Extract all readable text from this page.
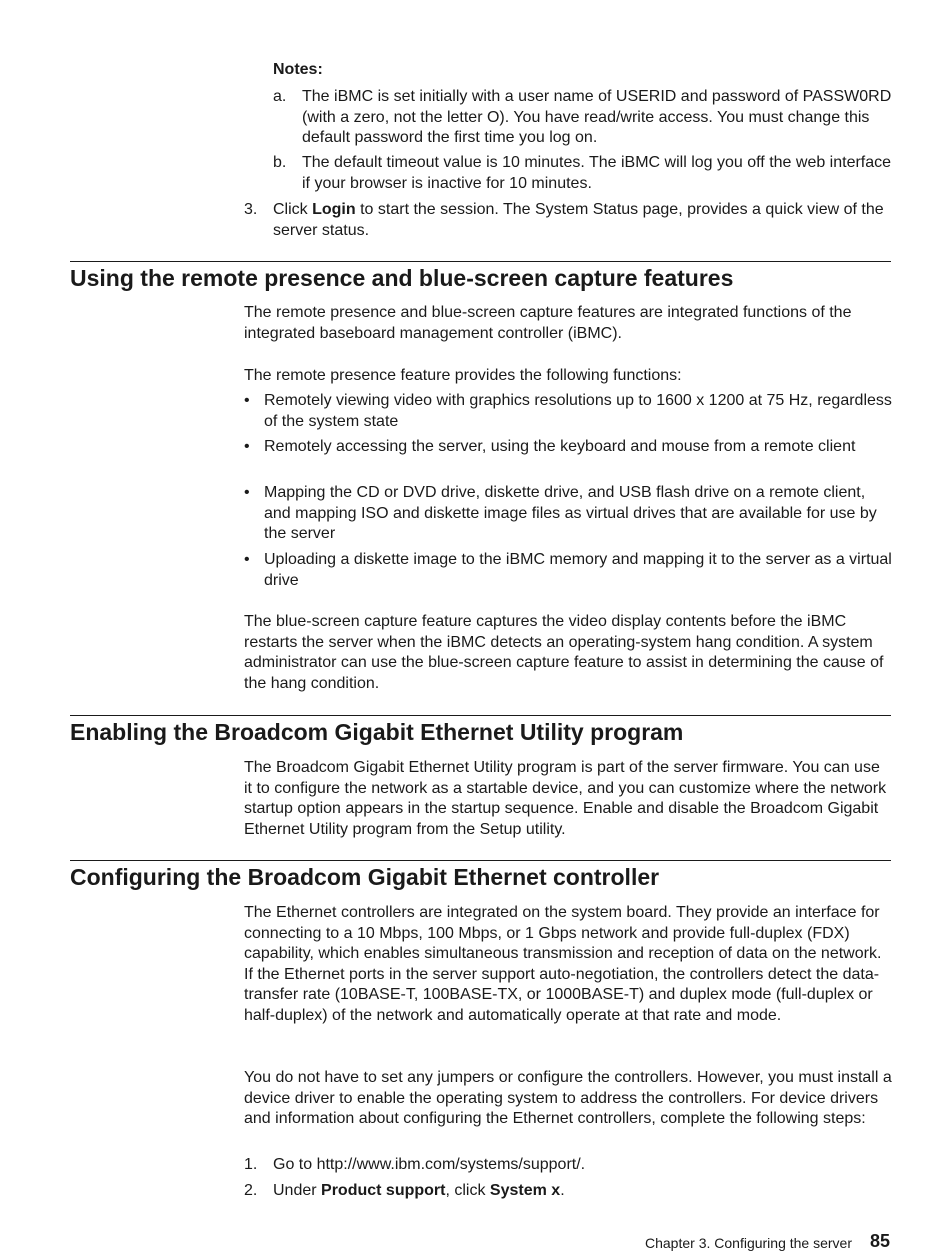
Notes:
a. The iBMC is set initially with a user name of USERID and password of PASSW0RD (with a zero, not the letter O). You have read/write access. You must change this default password the first time you log on.
b. The default timeout value is 10 minutes. The iBMC will log you off the web interface if your browser is inactive for 10 minutes.
3. Click Login to start the session. The System Status page, provides a quick view of the server status.
Using the remote presence and blue-screen capture features

The remote presence and blue-screen capture features are integrated functions of the integrated baseboard management controller (iBMC).

The remote presence feature provides the following functions:

• Remotely viewing video with graphics resolutions up to 1600 x 1200 at 75 Hz, regardless of the system state
• Remotely accessing the server, using the keyboard and mouse from a remote client
• Mapping the CD or DVD drive, diskette drive, and USB flash drive on a remote client, and mapping ISO and diskette image files as virtual drives that are available for use by the server
• Uploading a diskette image to the iBMC memory and mapping it to the server as a virtual drive

The blue-screen capture feature captures the video display contents before the iBMC restarts the server when the iBMC detects an operating-system hang condition. A system administrator can use the blue-screen capture feature to assist in determining the cause of the hang condition.

Enabling the Broadcom Gigabit Ethernet Utility program

The Broadcom Gigabit Ethernet Utility program is part of the server firmware. You can use it to configure the network as a startable device, and you can customize where the network startup option appears in the startup sequence. Enable and disable the Broadcom Gigabit Ethernet Utility program from the Setup utility.

Configuring the Broadcom Gigabit Ethernet controller

The Ethernet controllers are integrated on the system board. They provide an interface for connecting to a 10 Mbps, 100 Mbps, or 1 Gbps network and provide full-duplex (FDX) capability, which enables simultaneous transmission and reception of data on the network. If the Ethernet ports in the server support auto-negotiation, the controllers detect the data-transfer rate (10BASE-T, 100BASE-TX, or 1000BASE-T) and duplex mode (full-duplex or half-duplex) of the network and automatically operate at that rate and mode.

You do not have to set any jumpers or configure the controllers. However, you must install a device driver to enable the operating system to address the controllers. For device drivers and information about configuring the Ethernet controllers, complete the following steps:

1. Go to http://www.ibm.com/systems/support/.
2. Under Product support, click System x.
Chapter 3. Configuring the server 85
